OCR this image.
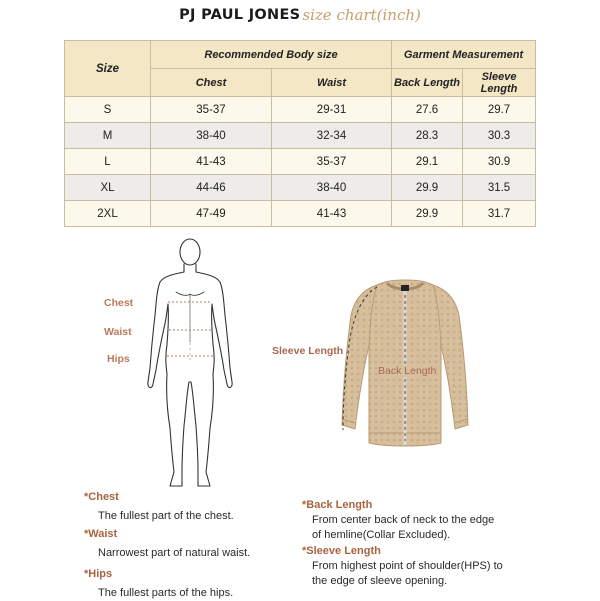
PJ PAUL JONES size chart(inch)
Size	Recommended Body size		Garment Measurement	
	Chest	Waist	Back Length	Sleeve Length
S	35-37	29-31	27.6	29.7
M	38-40	32-34	28.3	30.3
L	41-43	35-37	29.1	30.9
XL	44-46	38-40	29.9	31.5
2XL	47-49	41-43	29.9	31.7
Chest
Waist
Hips
Sleeve Length
Back Length
*Chest
The fullest part of the chest.
*Waist
Narrowest part of natural waist.
*Hips
The fullest parts of the hips.
*Back Length
From center back of neck to the edge
of hemline(Collar Excluded).
*Sleeve Length
From highest point of shoulder(HPS) to
the edge of sleeve opening.
